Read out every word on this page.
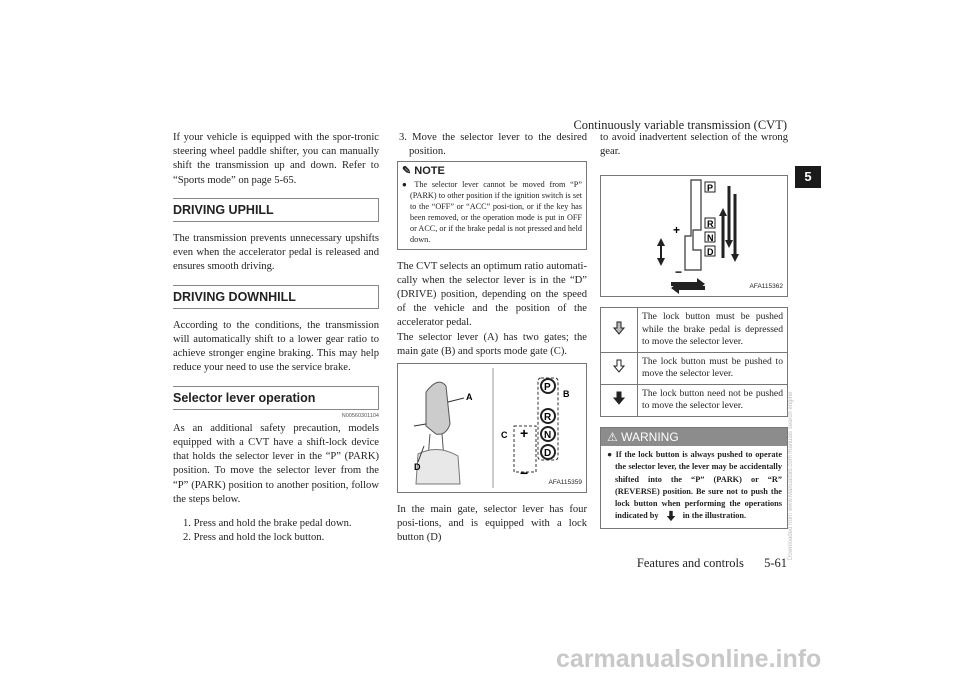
Continuously variable transmission (CVT)
5

If your vehicle is equipped with the spor-tronic steering wheel paddle shifter, you can manually shift the transmission up and down. Refer to “Sports mode” on page 5-65.

DRIVING UPHILL

The transmission prevents unnecessary upshifts even when the accelerator pedal is released and ensures smooth driving.

DRIVING DOWNHILL

According to the conditions, the transmission will automatically shift to a lower gear ratio to achieve stronger engine braking. This may help reduce your need to use the service brake.

Selector lever operation
N00560301104

As an additional safety precaution, models equipped with a CVT have a shift-lock device that holds the selector lever in the “P” (PARK) position. To move the selector lever from the “P” (PARK) position to another position, follow the steps below.

1. Press and hold the brake pedal down.
2. Press and hold the lock button.

3. Move the selector lever to the desired position.

✎ NOTE
● The selector lever cannot be moved from “P” (PARK) to other position if the ignition switch is set to the “OFF” or “ACC” posi-tion, or if the key has been removed, or the operation mode is put in OFF or ACC, or if the brake pedal is not pressed and held down.

The CVT selects an optimum ratio automati-cally when the selector lever is in the “D” (DRIVE) position, depending on the speed of the vehicle and the position of the accelerator pedal.

The selector lever (A) has two gates; the main gate (B) and sports mode gate (C).

A
D
P
R
N
D
+
−
B
C
AFA115359

In the main gate, selector lever has four posi-tions, and is equipped with a lock button (D)

to avoid inadvertent selection of the wrong gear.

P
R
N
D
+
−
AFA115362
	The lock button must be pushed while the brake pedal is depressed to move the selector lever.
	The lock button must be pushed to move the selector lever.
	The lock button need not be pushed to move the selector lever.
⚠ WARNING
● If the lock button is always pushed to operate the selector lever, the lever may be accidentally shifted into the “P” (PARK) or “R” (REVERSE) position. Be sure not to push the lock button when performing the operations indicated by	in the illustration.
Features and controls 5-61
carmanualsonline.info
Downloaded from www.Manualslib.com manuals search engine
